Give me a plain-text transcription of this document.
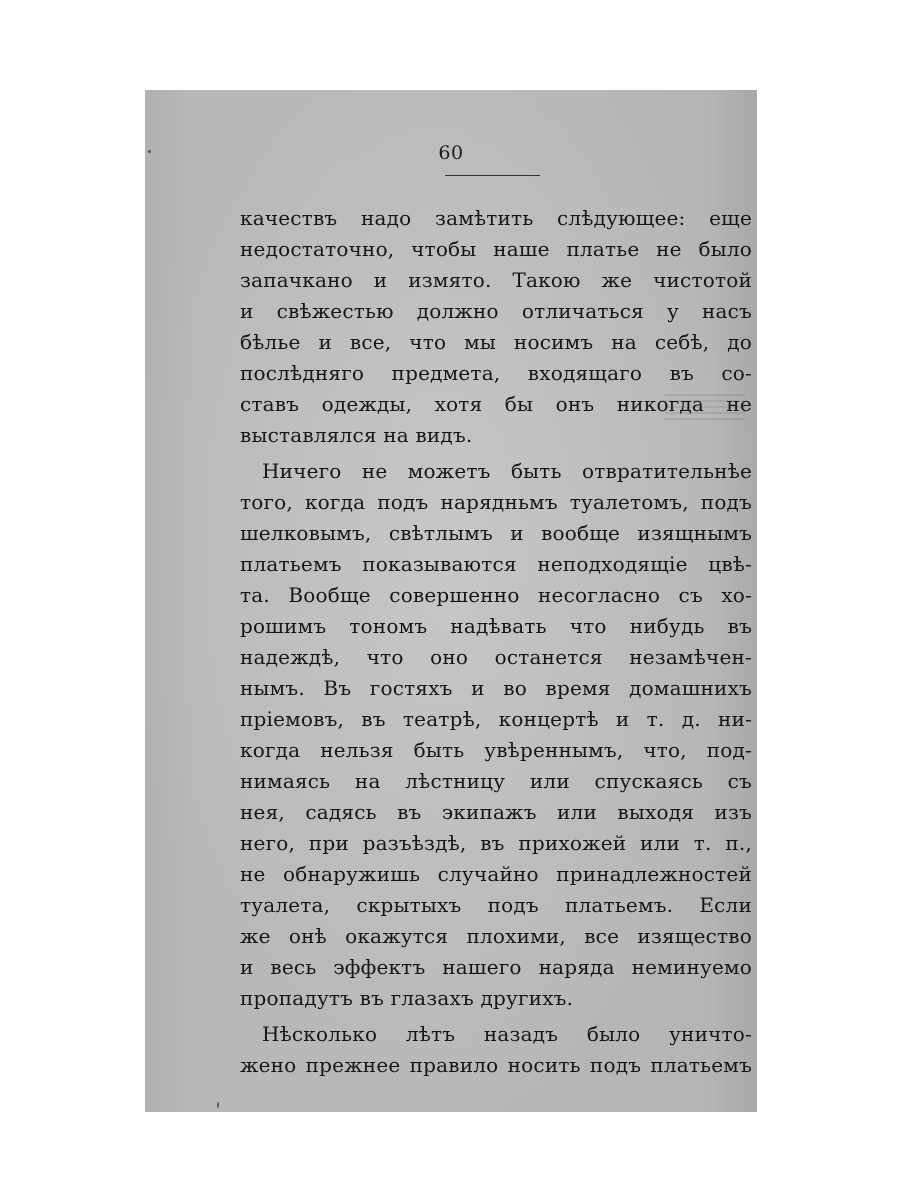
60
качествъ надо замѣтить слѣдующее: еще
недостаточно, чтобы наше платье не было
запачкано и измято. Такою же чистотой
и свѣжестью должно отличаться у насъ
бѣлье и все, что мы носимъ на себѣ, до
послѣдняго предмета, входящаго въ со-
ставъ одежды, хотя бы онъ никогда не
выставлялся на видъ.
Ничего не можетъ быть отвратительнѣе
того, когда подъ нарядньмъ туалетомъ, подъ
шелковымъ, свѣтлымъ и вообще изящнымъ
платьемъ показываются неподходящіе цвѣ-
та. Вообще совершенно несогласно съ хо-
рошимъ тономъ надѣвать что нибудь въ
надеждѣ, что оно останется незамѣчен-
нымъ. Въ гостяхъ и во время домашнихъ
пріемовъ, въ театрѣ, концертѣ и т. д. ни-
когда нельзя быть увѣреннымъ, что, под-
нимаясь на лѣстницу или спускаясь съ
нея, садясь въ экипажъ или выходя изъ
него, при разъѣздѣ, въ прихожей или т. п.,
не обнаружишь случайно принадлежностей
туалета, скрытыхъ подъ платьемъ. Если
же онѣ окажутся плохими, все изящество
и весь эффектъ нашего наряда неминуемо
пропадутъ въ глазахъ другихъ.
Нѣсколько лѣтъ назадъ было уничто-
жено прежнее правило носить подъ платьемъ
